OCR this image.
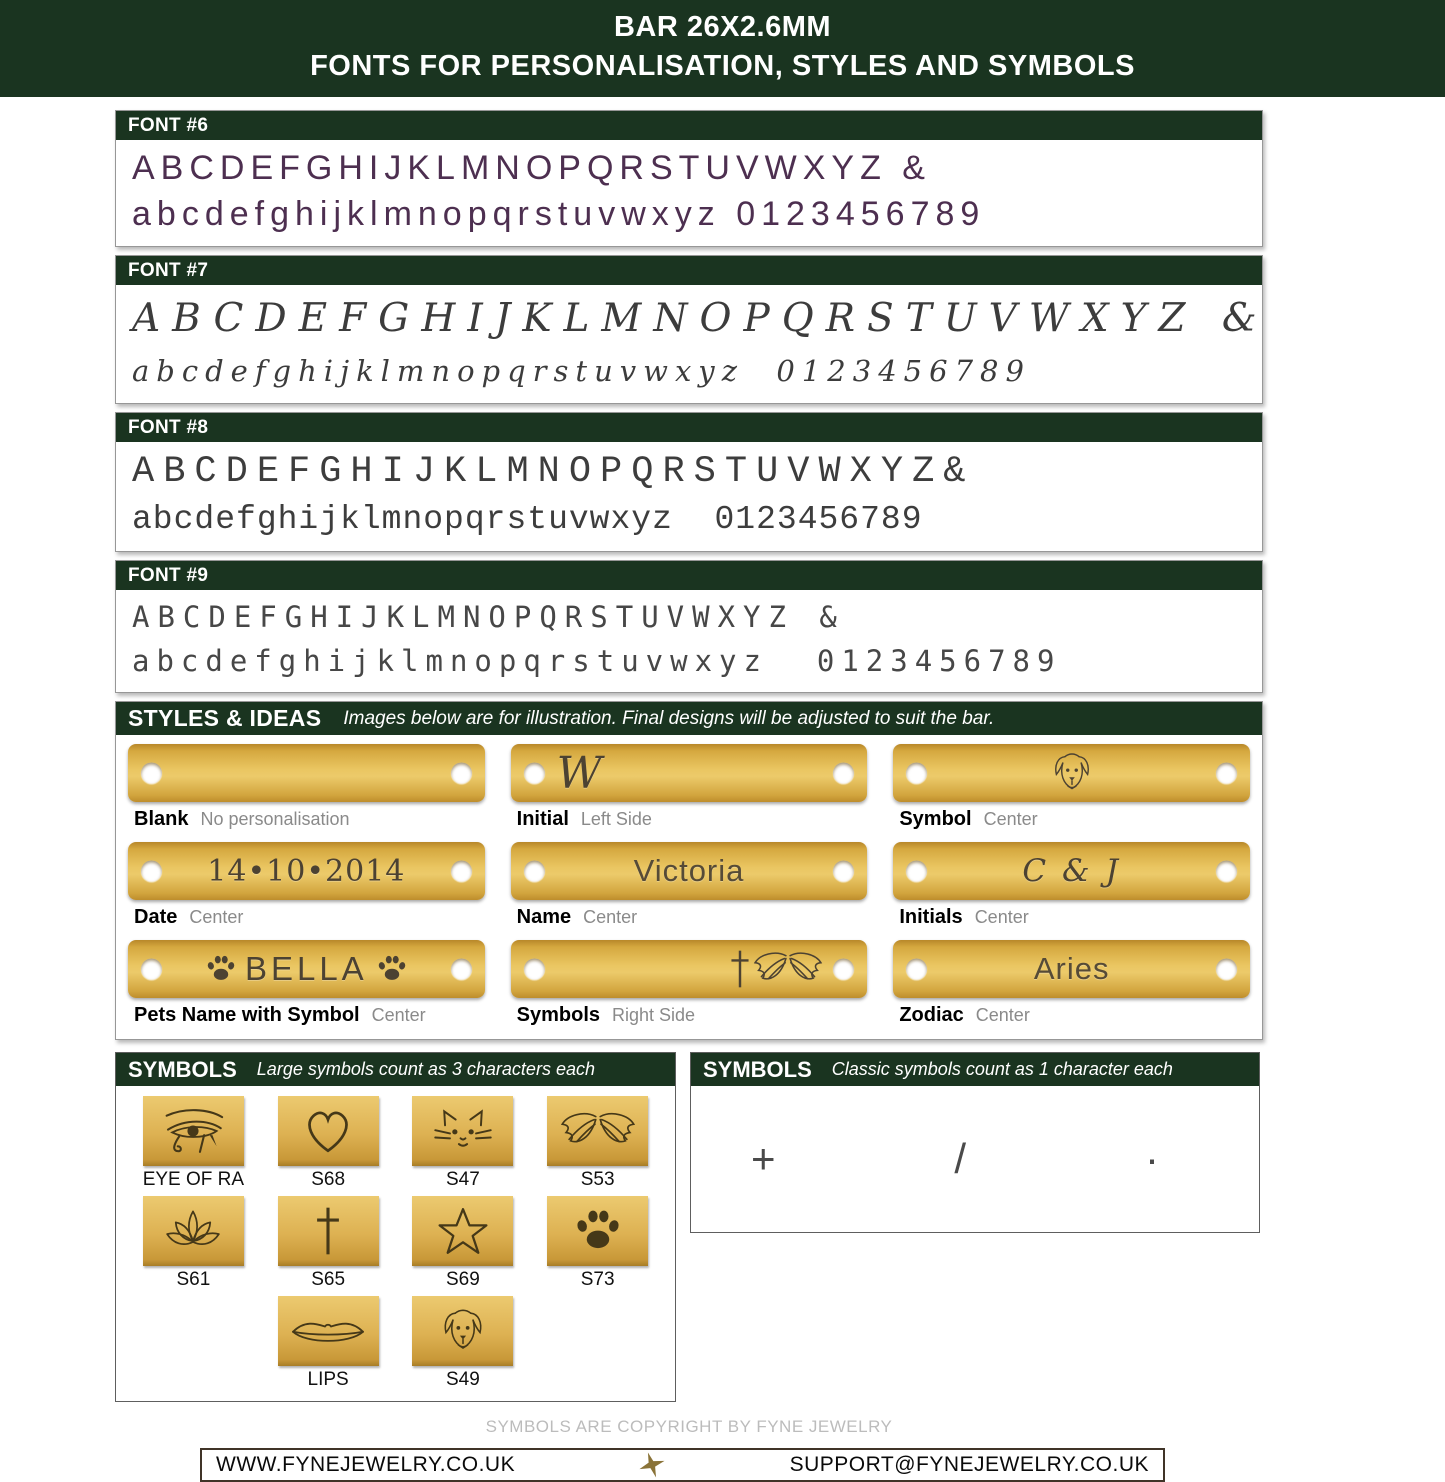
BAR 26X2.6MM
FONTS FOR PERSONALISATION, STYLES AND SYMBOLS
FONT #6
ABCDEFGHIJKLMNOPQRSTUVWXYZ &
abcdefghijklmnopqrstuvwxyz 0123456789
FONT #7
ABCDEFGHIJKLMNOPQRSTUVWXYZ &
abcdefghijklmnopqrstuvwxyz  0123456789
FONT #8
ABCDEFGHIJKLMNOPQRSTUVWXYZ&
abcdefghijklmnopqrstuvwxyz  0123456789
FONT #9
ABCDEFGHIJKLMNOPQRSTUVWXYZ &
abcdefghijklmnopqrstuvwxyz  0123456789
STYLES & IDEAS Images below are for illustration. Final designs will be adjusted to suit the bar.
Blank No personalisation
W
Initial Left Side	Symbol Center
14•10•2014
Date Center
Victoria
Name Center
C & J
Initials Center
BELLA
Pets Name with Symbol Center	Symbols Right Side
Aries
Zodiac Center
SYMBOLS Large symbols count as 3 characters each
EYE OF RA	S68	S47	S53
S61	S65	S69	S73
LIPS	S49
SYMBOLS Classic symbols count as 1 character each
+	/	·
SYMBOLS ARE COPYRIGHT BY FYNE JEWELRY
WWW.FYNEJEWELRY.CO.UK	SUPPORT@FYNEJEWELRY.CO.UK
